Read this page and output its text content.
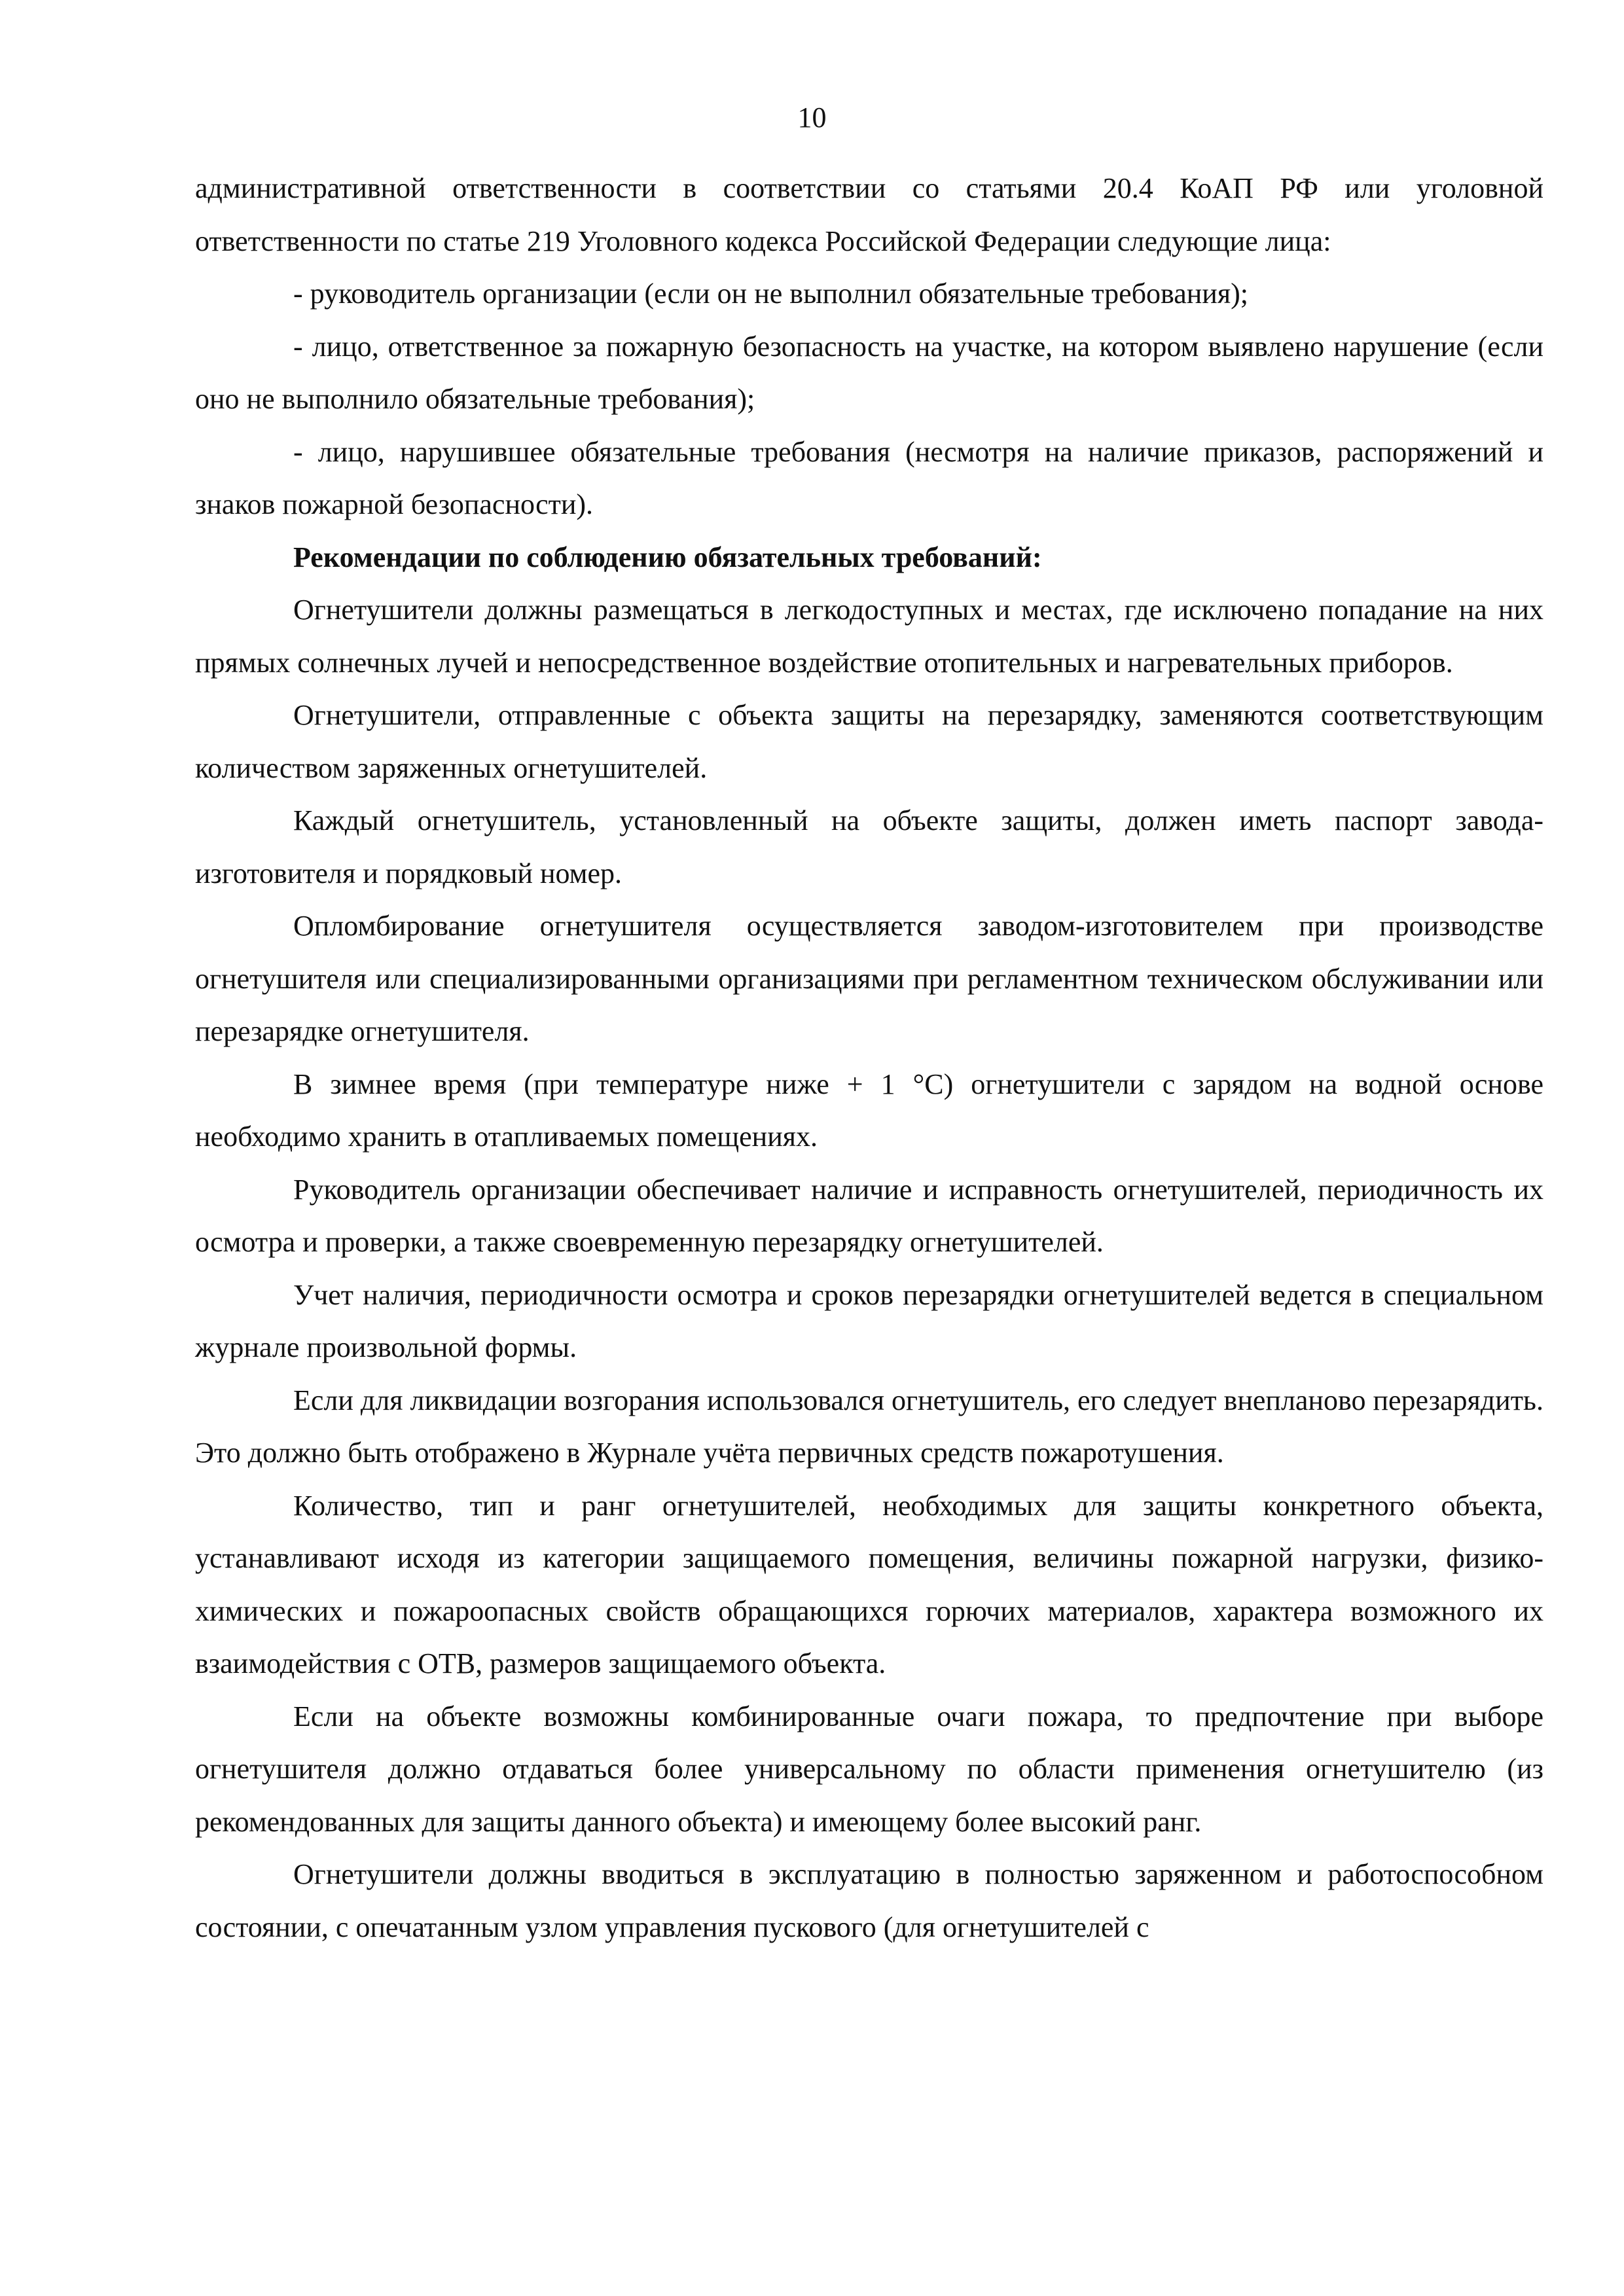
10

административной ответственности в соответствии со статьями 20.4 КоАП РФ или уголовной ответственности по статье 219 Уголовного кодекса Российской Федерации следующие лица:

- руководитель организации (если он не выполнил обязательные требования);

- лицо, ответственное за пожарную безопасность на участке, на котором выявлено нарушение (если оно не выполнило обязательные требования);

- лицо, нарушившее обязательные требования (несмотря на наличие приказов, распоряжений и знаков пожарной безопасности).

Рекомендации по соблюдению обязательных требований:

Огнетушители должны размещаться в легкодоступных и местах, где исключено попадание на них прямых солнечных лучей и непосредственное воздействие отопительных и нагревательных приборов.

Огнетушители, отправленные с объекта защиты на перезарядку, заменяются соответствующим количеством заряженных огнетушителей.

Каждый огнетушитель, установленный на объекте защиты, должен иметь паспорт завода-изготовителя и порядковый номер.

Опломбирование огнетушителя осуществляется заводом-изготовителем при производстве огнетушителя или специализированными организациями при регламентном техническом обслуживании или перезарядке огнетушителя.

В зимнее время (при температуре ниже + 1 °С) огнетушители с зарядом на водной основе необходимо хранить в отапливаемых помещениях.

Руководитель организации обеспечивает наличие и исправность огнетушителей, периодичность их осмотра и проверки, а также своевременную перезарядку огнетушителей.

Учет наличия, периодичности осмотра и сроков перезарядки огнетушителей ведется в специальном журнале произвольной формы.

Если для ликвидации возгорания использовался огнетушитель, его следует внепланово перезарядить. Это должно быть отображено в Журнале учёта первичных средств пожаротушения.

Количество, тип и ранг огнетушителей, необходимых для защиты конкретного объекта, устанавливают исходя из категории защищаемого помещения, величины пожарной нагрузки, физико-химических и пожароопасных свойств обращающихся горючих материалов, характера возможного их взаимодействия с ОТВ, размеров защищаемого объекта.

Если на объекте возможны комбинированные очаги пожара, то предпочтение при выборе огнетушителя должно отдаваться более универсальному по области применения огнетушителю (из рекомендованных для защиты данного объекта) и имеющему более высокий ранг.

Огнетушители должны вводиться в эксплуатацию в полностью заряженном и работоспособном состоянии, с опечатанным узлом управления пускового (для огнетушителей с
